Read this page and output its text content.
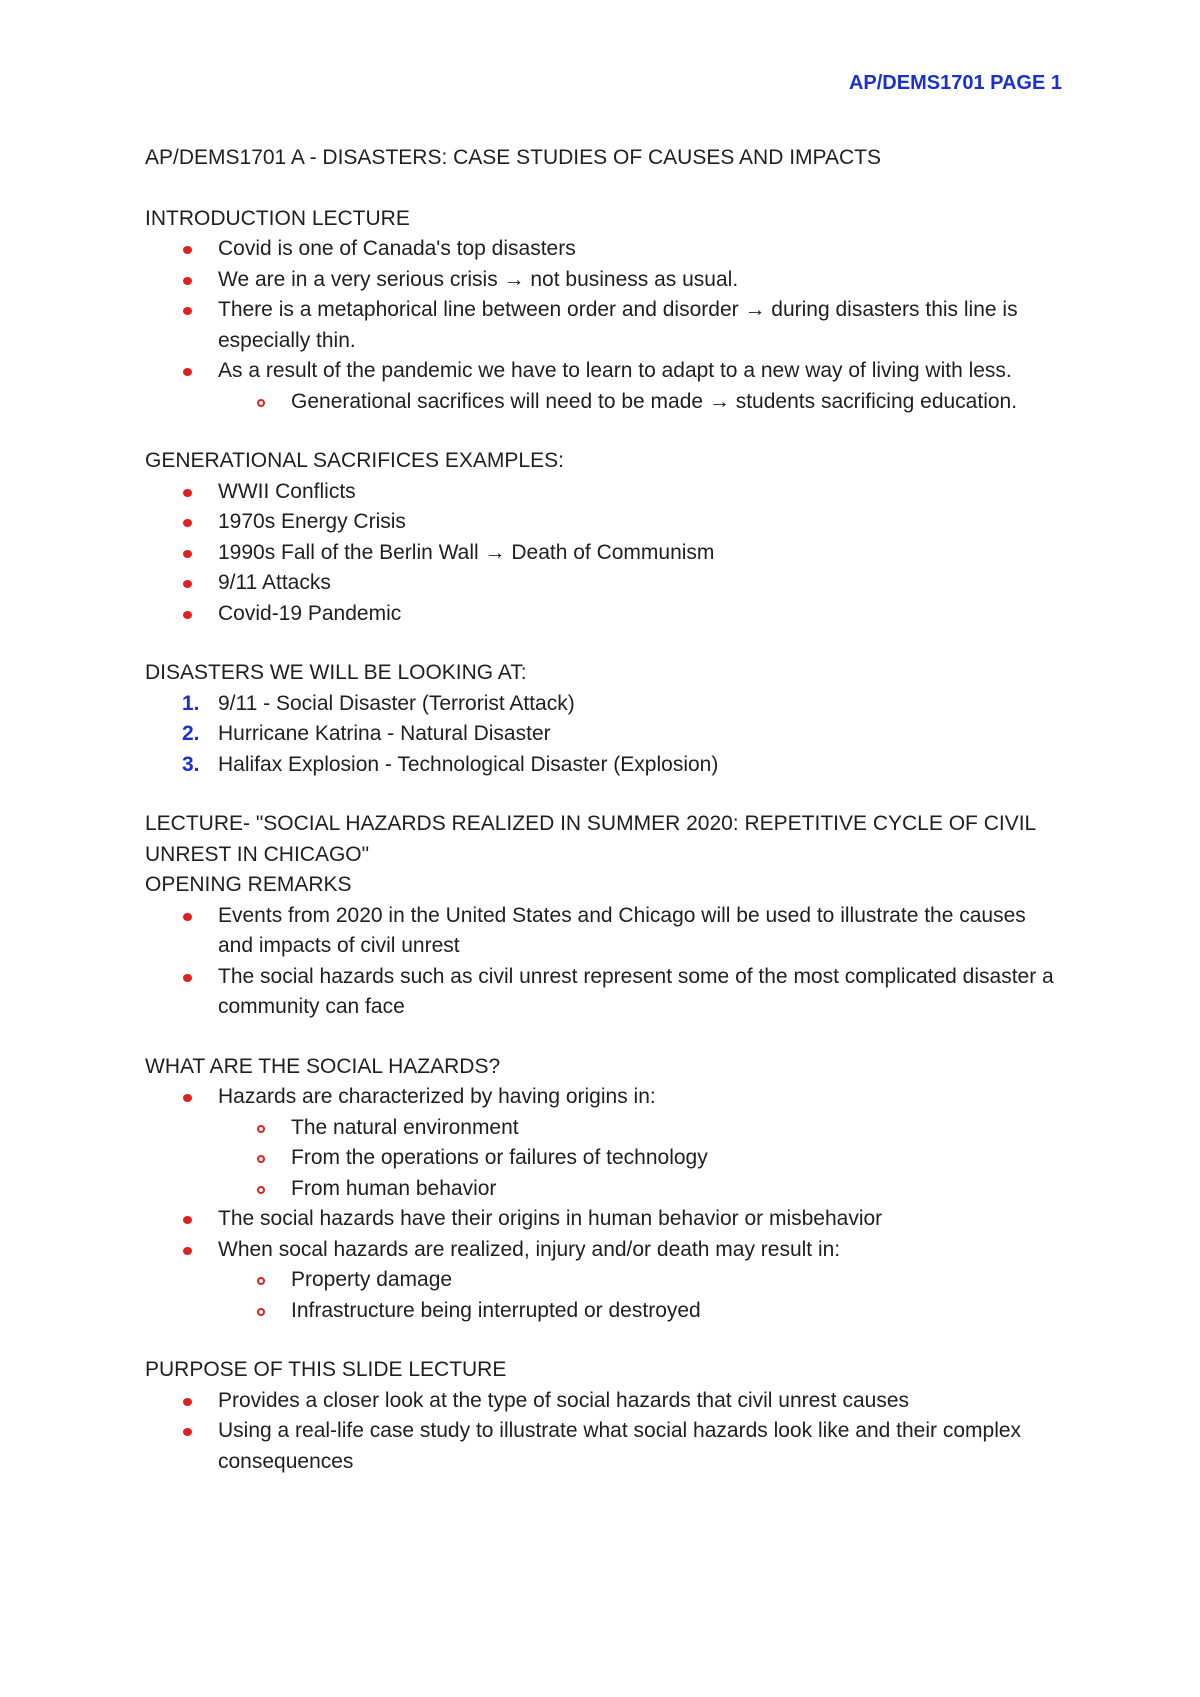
AP/DEMS1701 PAGE 1

AP/DEMS1701 A - DISASTERS: CASE STUDIES OF CAUSES AND IMPACTS

INTRODUCTION LECTURE

Covid is one of Canada's top disasters
We are in a very serious crisis → not business as usual.
There is a metaphorical line between order and disorder → during disasters this line is especially thin.
As a result of the pandemic we have to learn to adapt to a new way of living with less.
Generational sacrifices will need to be made → students sacrificing education.

GENERATIONAL SACRIFICES EXAMPLES:

WWII Conflicts
1970s Energy Crisis
1990s Fall of the Berlin Wall → Death of Communism
9/11 Attacks
Covid-19 Pandemic

DISASTERS WE WILL BE LOOKING AT:

1. 9/11 - Social Disaster (Terrorist Attack)
2. Hurricane Katrina - Natural Disaster
3. Halifax Explosion - Technological Disaster (Explosion)

LECTURE- "SOCIAL HAZARDS REALIZED IN SUMMER 2020: REPETITIVE CYCLE OF CIVIL UNREST IN CHICAGO"

OPENING REMARKS

Events from 2020 in the United States and Chicago will be used to illustrate the causes and impacts of civil unrest
The social hazards such as civil unrest represent some of the most complicated disaster a community can face

WHAT ARE THE SOCIAL HAZARDS?

Hazards are characterized by having origins in:
The natural environment
From the operations or failures of technology
From human behavior
The social hazards have their origins in human behavior or misbehavior
When socal hazards are realized, injury and/or death may result in:
Property damage
Infrastructure being interrupted or destroyed

PURPOSE OF THIS SLIDE LECTURE

Provides a closer look at the type of social hazards that civil unrest causes
Using a real-life case study to illustrate what social hazards look like and their complex consequences
